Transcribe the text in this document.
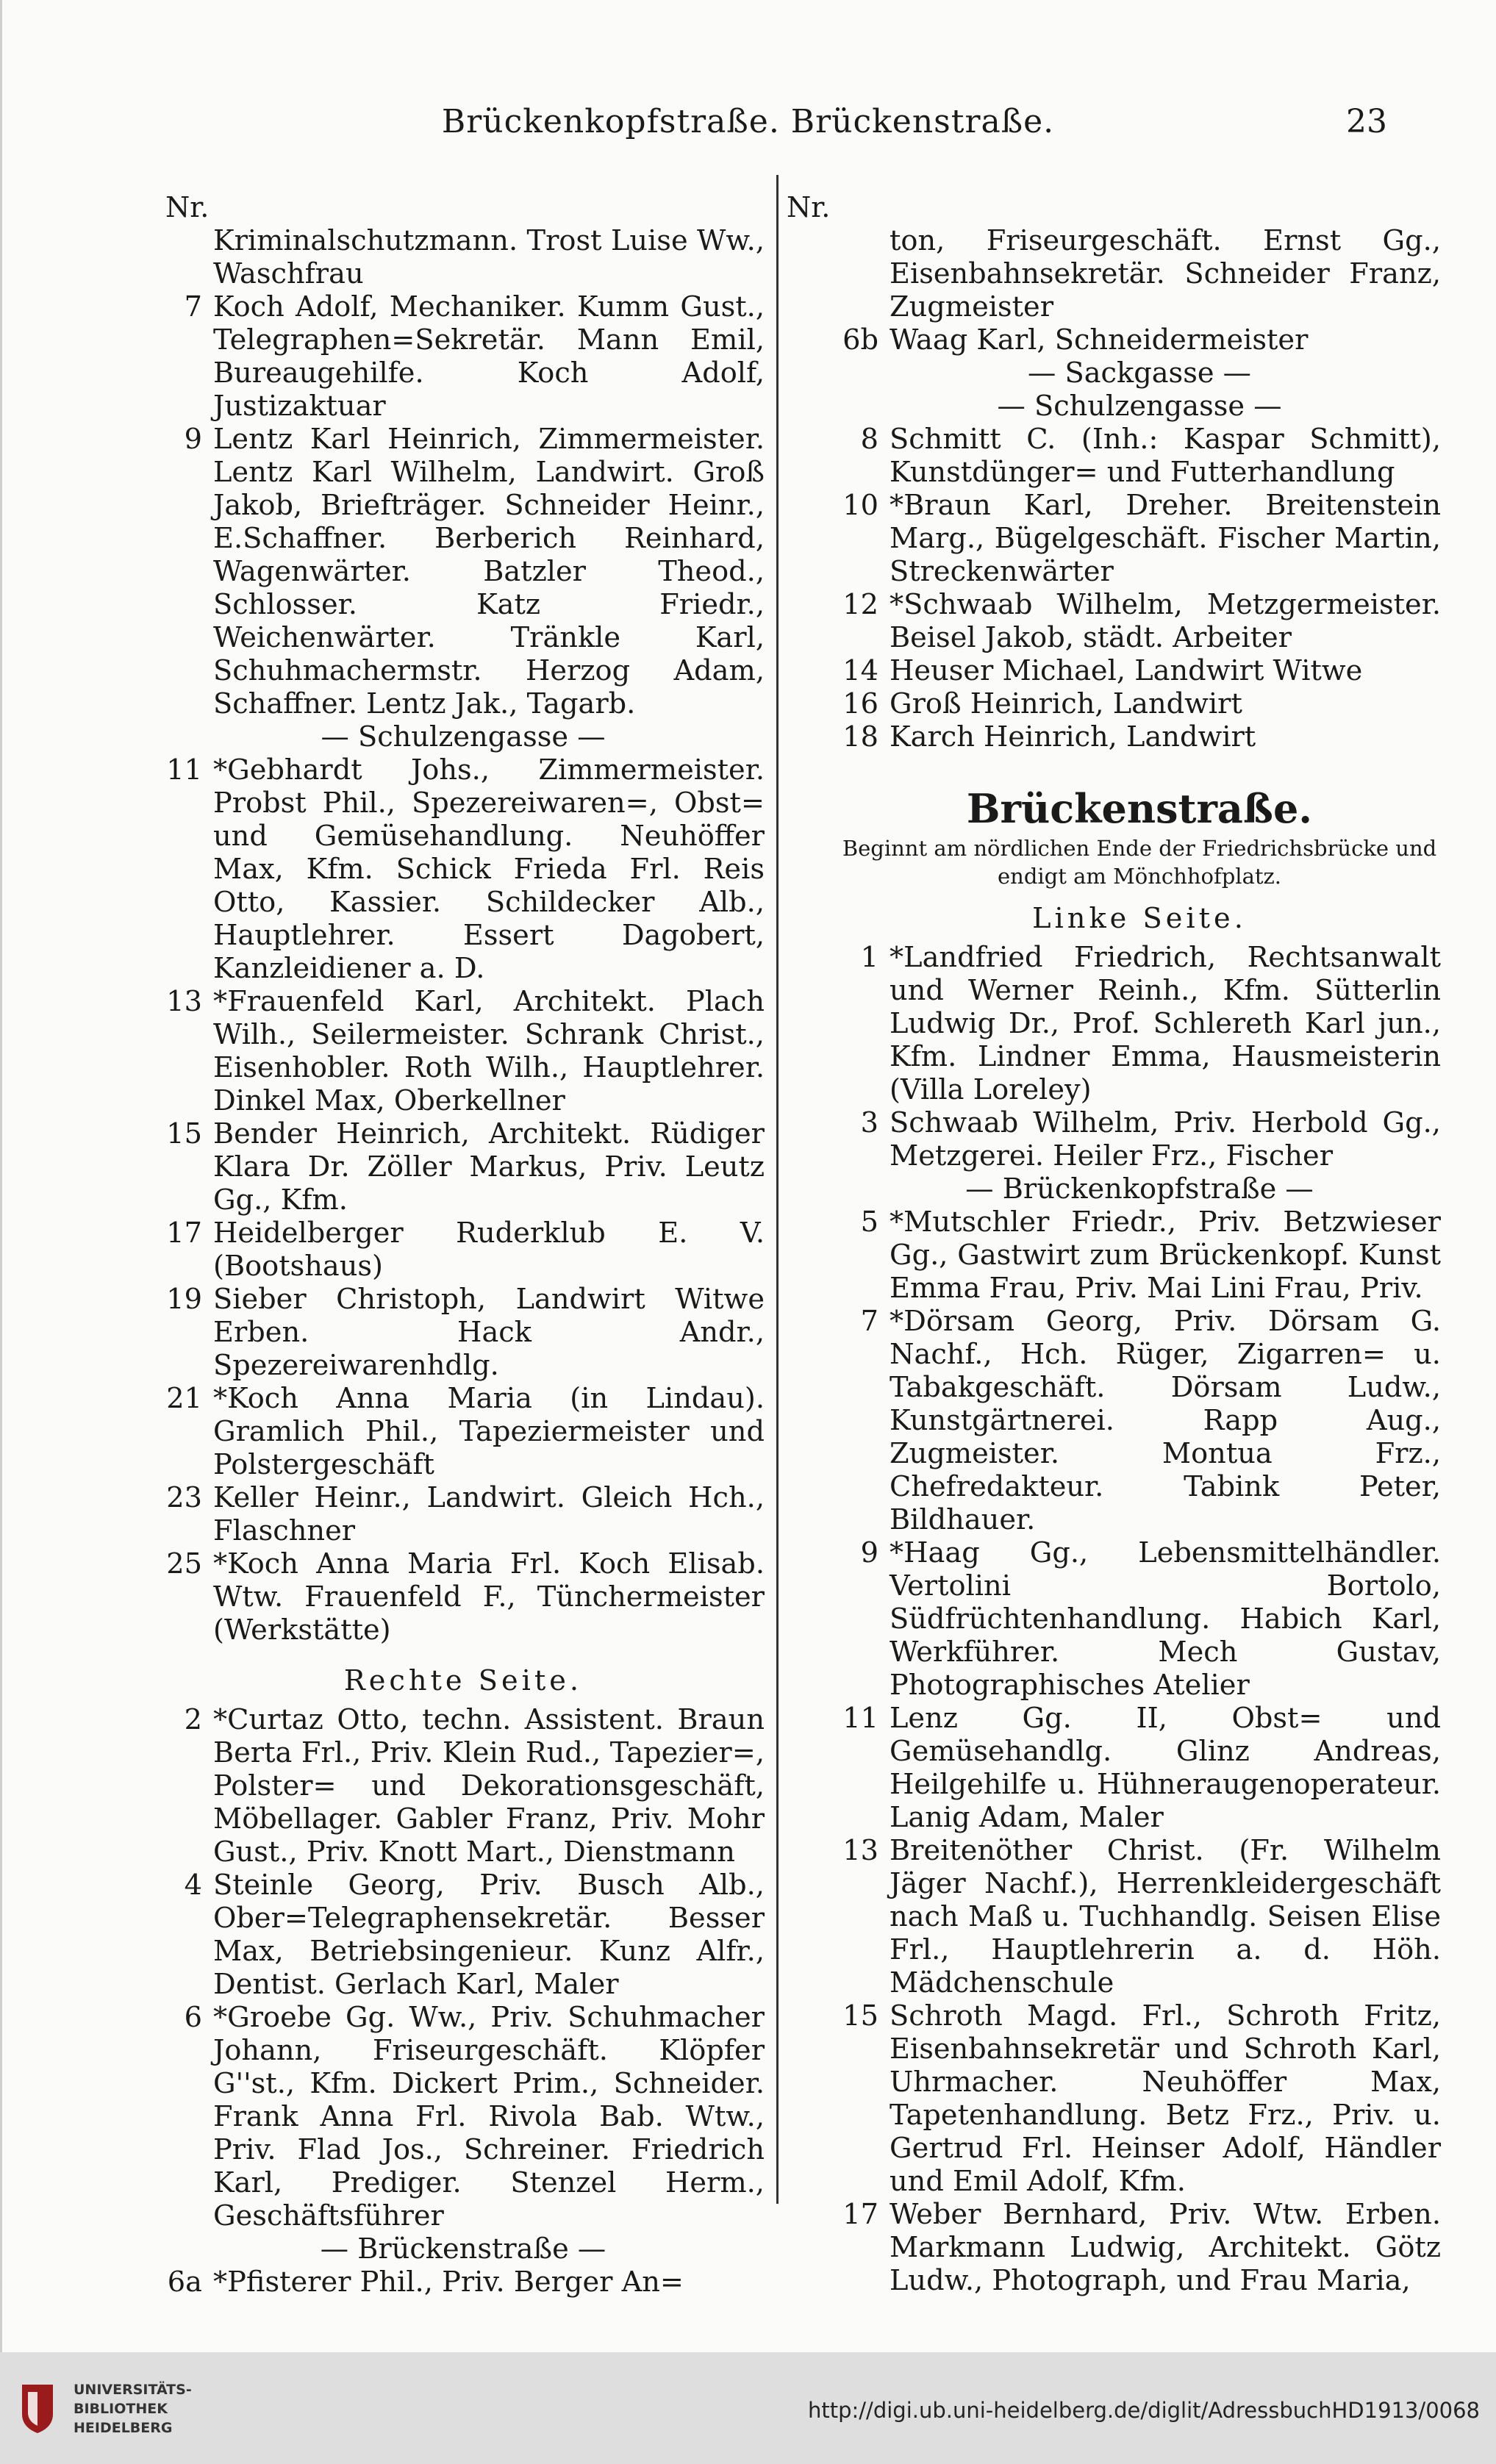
Brückenkopfstraße. Brückenstraße.	23
Nr.	Nr.
Kriminalschutzmann. Trost Luise Ww., Waschfrau
7 Koch Adolf, Mechaniker. Kumm Gust., Telegraphen=Sekretär. Mann Emil, Bureaugehilfe. Koch Adolf, Justizaktuar
9 Lentz Karl Heinrich, Zimmermeister. Lentz Karl Wilhelm, Landwirt. Groß Jakob, Briefträger. Schneider Heinr., E.Schaffner. Berberich Reinhard, Wagenwärter. Batzler Theod., Schlosser. Katz Friedr., Weichenwärter. Tränkle Karl, Schuhmachermstr. Herzog Adam, Schaffner. Lentz Jak., Tagarb.
— Schulzengasse —
11 *Gebhardt Johs., Zimmermeister. Probst Phil., Spezereiwaren=, Obst= und Gemüsehandlung. Neuhöffer Max, Kfm. Schick Frieda Frl. Reis Otto, Kassier. Schildecker Alb., Hauptlehrer. Essert Dagobert, Kanzleidiener a. D.
13 *Frauenfeld Karl, Architekt. Plach Wilh., Seilermeister. Schrank Christ., Eisenhobler. Roth Wilh., Hauptlehrer. Dinkel Max, Oberkellner
15 Bender Heinrich, Architekt. Rüdiger Klara Dr. Zöller Markus, Priv. Leutz Gg., Kfm.
17 Heidelberger Ruderklub E. V. (Bootshaus)
19 Sieber Christoph, Landwirt Witwe Erben. Hack Andr., Spezereiwarenhdlg.
21 *Koch Anna Maria (in Lindau). Gramlich Phil., Tapeziermeister und Polstergeschäft
23 Keller Heinr., Landwirt. Gleich Hch., Flaschner
25 *Koch Anna Maria Frl. Koch Elisab. Wtw. Frauenfeld F., Tünchermeister (Werkstätte)
Rechte Seite.
2 *Curtaz Otto, techn. Assistent. Braun Berta Frl., Priv. Klein Rud., Tapezier=, Polster= und Dekorationsgeschäft, Möbellager. Gabler Franz, Priv. Mohr Gust., Priv. Knott Mart., Dienstmann
4 Steinle Georg, Priv. Busch Alb., Ober=Telegraphensekretär. Besser Max, Betriebsingenieur. Kunz Alfr., Dentist. Gerlach Karl, Maler
6 *Groebe Gg. Ww., Priv. Schuhmacher Johann, Friseurgeschäft. Klöpfer G''st., Kfm. Dickert Prim., Schneider. Frank Anna Frl. Rivola Bab. Wtw., Priv. Flad Jos., Schreiner. Friedrich Karl, Prediger. Stenzel Herm., Geschäftsführer
— Brückenstraße —
6a *Pfisterer Phil., Priv. Berger An=
ton, Friseurgeschäft. Ernst Gg., Eisenbahnsekretär. Schneider Franz, Zugmeister
6b Waag Karl, Schneidermeister
— Sackgasse —
— Schulzengasse —
8 Schmitt C. (Inh.: Kaspar Schmitt), Kunstdünger= und Futterhandlung
10 *Braun Karl, Dreher. Breitenstein Marg., Bügelgeschäft. Fischer Martin, Streckenwärter
12 *Schwaab Wilhelm, Metzgermeister. Beisel Jakob, städt. Arbeiter
14 Heuser Michael, Landwirt Witwe
16 Groß Heinrich, Landwirt
18 Karch Heinrich, Landwirt
Brückenstraße.
Beginnt am nördlichen Ende der Friedrichsbrücke und endigt am Mönchhofplatz.
Linke Seite.
1 *Landfried Friedrich, Rechtsanwalt und Werner Reinh., Kfm. Sütterlin Ludwig Dr., Prof. Schlereth Karl jun., Kfm. Lindner Emma, Hausmeisterin (Villa Loreley)
3 Schwaab Wilhelm, Priv. Herbold Gg., Metzgerei. Heiler Frz., Fischer
— Brückenkopfstraße —
5 *Mutschler Friedr., Priv. Betzwieser Gg., Gastwirt zum Brückenkopf. Kunst Emma Frau, Priv. Mai Lini Frau, Priv.
7 *Dörsam Georg, Priv. Dörsam G. Nachf., Hch. Rüger, Zigarren= u. Tabakgeschäft. Dörsam Ludw., Kunstgärtnerei. Rapp Aug., Zugmeister. Montua Frz., Chefredakteur. Tabink Peter, Bildhauer.
9 *Haag Gg., Lebensmittelhändler. Vertolini Bortolo, Südfrüchtenhandlung. Habich Karl, Werkführer. Mech Gustav, Photographisches Atelier
11 Lenz Gg. II, Obst= und Gemüsehandlg. Glinz Andreas, Heilgehilfe u. Hühneraugenoperateur. Lanig Adam, Maler
13 Breitenöther Christ. (Fr. Wilhelm Jäger Nachf.), Herrenkleidergeschäft nach Maß u. Tuchhandlg. Seisen Elise Frl., Hauptlehrerin a. d. Höh. Mädchenschule
15 Schroth Magd. Frl., Schroth Fritz, Eisenbahnsekretär und Schroth Karl, Uhrmacher. Neuhöffer Max, Tapetenhandlung. Betz Frz., Priv. u. Gertrud Frl. Heinser Adolf, Händler und Emil Adolf, Kfm.
17 Weber Bernhard, Priv. Wtw. Erben. Markmann Ludwig, Architekt. Götz Ludw., Photograph, und Frau Maria,
UNIVERSITÄTS-
BIBLIOTHEK
HEIDELBERG
http://digi.ub.uni-heidelberg.de/diglit/AdressbuchHD1913/0068
